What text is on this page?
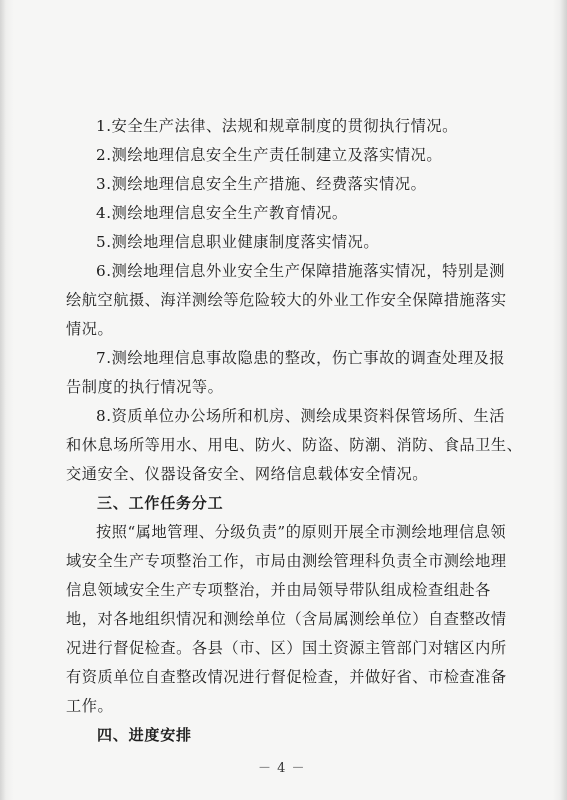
1.安全生产法律、法规和规章制度的贯彻执行情况。
2.测绘地理信息安全生产责任制建立及落实情况。
3.测绘地理信息安全生产措施、经费落实情况。
4.测绘地理信息安全生产教育情况。
5.测绘地理信息职业健康制度落实情况。
6.测绘地理信息外业安全生产保障措施落实情况，特别是测
绘航空航摄、海洋测绘等危险较大的外业工作安全保障措施落实
情况。
7.测绘地理信息事故隐患的整改，伤亡事故的调查处理及报
告制度的执行情况等。
8.资质单位办公场所和机房、测绘成果资料保管场所、生活
和休息场所等用水、用电、防火、防盗、防潮、消防、食品卫生、
交通安全、仪器设备安全、网络信息载体安全情况。
三、工作任务分工
按照“属地管理、分级负责”的原则开展全市测绘地理信息领
域安全生产专项整治工作，市局由测绘管理科负责全市测绘地理
信息领域安全生产专项整治，并由局领导带队组成检查组赴各
地，对各地组织情况和测绘单位（含局属测绘单位）自查整改情
况进行督促检查。各县（市、区）国土资源主管部门对辖区内所
有资质单位自查整改情况进行督促检查，并做好省、市检查准备
工作。
四、进度安排
－ 4 －
